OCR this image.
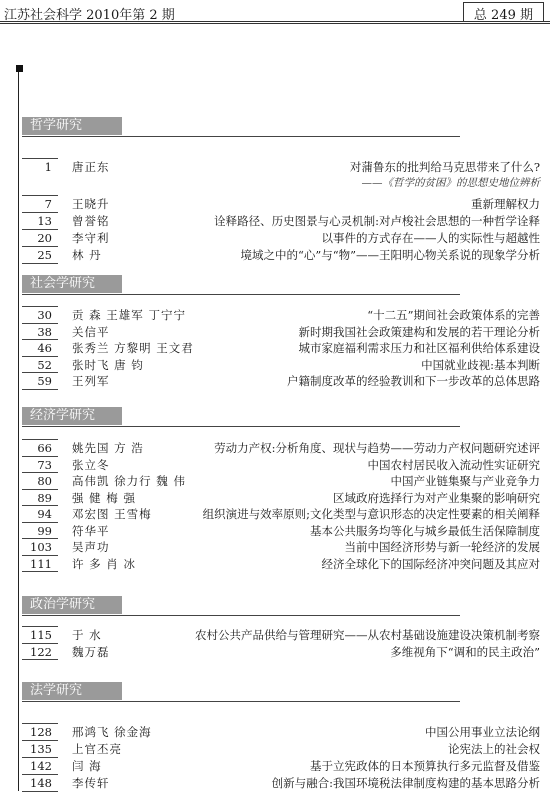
江苏社会科学 2010年第 2 期	总 249 期
哲学研究
1 唐正东	对蒲鲁东的批判给马克思带来了什么?
——《哲学的贫困》的思想史地位辨析
7 王晓升	重新理解权力
13 曾誉铭	诠释路径、历史图景与心灵机制:对卢梭社会思想的一种哲学诠释
20 李守利	以事件的方式存在——人的实际性与超越性
25 林 丹	境域之中的“心”与“物”——王阳明心物关系说的现象学分析
社会学研究
30 贡 森 王雄军 丁宁宁	“十二五”期间社会政策体系的完善
38 关信平	新时期我国社会政策建构和发展的若干理论分析
46 张秀兰 方黎明 王文君	城市家庭福利需求压力和社区福利供给体系建设
52 张时飞 唐 钧	中国就业歧视:基本判断
59 王列军	户籍制度改革的经验教训和下一步改革的总体思路
经济学研究
66 姚先国 方 浩	劳动力产权:分析角度、现状与趋势——劳动力产权问题研究述评
73 张立冬	中国农村居民收入流动性实证研究
80 高伟凯 徐力行 魏 伟	中国产业链集聚与产业竞争力
89 强 健 梅 强	区域政府选择行为对产业集聚的影响研究
94 邓宏图 王雪梅	组织演进与效率原则;文化类型与意识形态的决定性要素的相关阐释
99 符华平	基本公共服务均等化与城乡最低生活保障制度
103 吴声功	当前中国经济形势与新一轮经济的发展
111 许 多 肖 冰	经济全球化下的国际经济冲突问题及其应对
政治学研究
115 于 水	农村公共产品供给与管理研究——从农村基础设施建设决策机制考察
122 魏万磊	多维视角下“调和的民主政治”
法学研究
128 邢鸿飞 徐金海	中国公用事业立法论纲
135 上官丕亮	论宪法上的社会权
142 闫 海	基于立宪政体的日本预算执行多元监督及借鉴
148 李传轩	创新与融合:我国环境税法律制度构建的基本思路分析
